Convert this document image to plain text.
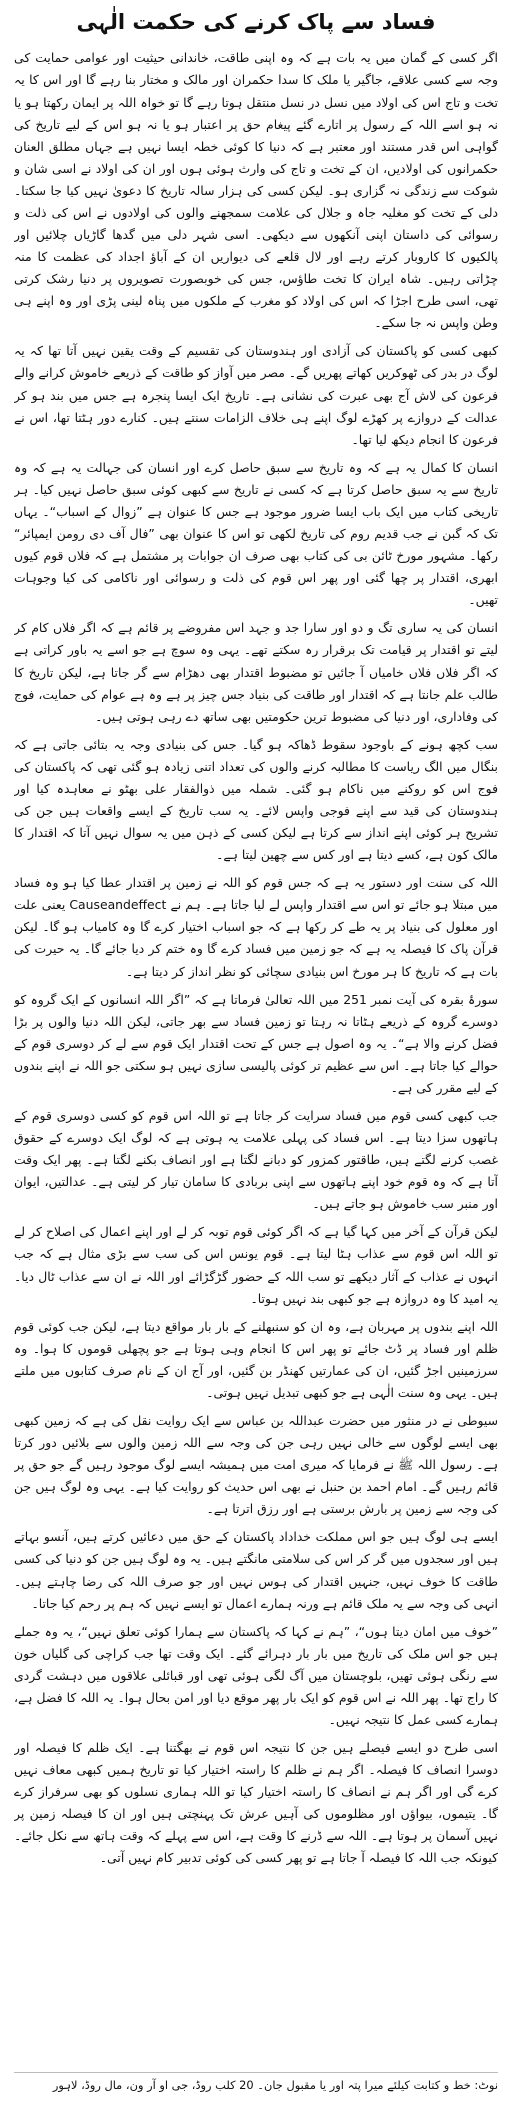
فساد سے پاک کرنے کی حکمت الٰہی

اگر کسی کے گمان میں یہ بات ہے کہ وہ اپنی طاقت، خاندانی حیثیت اور عوامی حمایت کی وجہ سے کسی علاقے، جاگیر یا ملک کا سدا حکمران اور مالک و مختار بنا رہے گا اور اس کا یہ تخت و تاج اس کی اولاد میں نسل در نسل منتقل ہوتا رہے گا تو خواہ اللہ پر ایمان رکھتا ہو یا نہ ہو اسے اللہ کے رسول پر اتارے گئے پیغام حق پر اعتبار ہو یا نہ ہو اس کے لیے تاریخ کی گواہی اس قدر مستند اور معتبر ہے کہ دنیا کا کوئی خطہ ایسا نہیں ہے جہاں مطلق العنان حکمرانوں کی اولادیں، ان کے تخت و تاج کی وارث ہوئی ہوں اور ان کی اولاد نے اسی شان و شوکت سے زندگی نہ گزاری ہو۔ لیکن کسی کی ہزار سالہ تاریخ کا دعویٰ نہیں کیا جا سکتا۔ دلی کے تخت کو مغلیہ جاہ و جلال کی علامت سمجھنے والوں کی اولادوں نے اس کی ذلت و رسوائی کی داستان اپنی آنکھوں سے دیکھی۔ اسی شہر دلی میں گدھا گاڑیاں چلائیں اور پالکیوں کا کاروبار کرتے رہے اور لال قلعے کی دیواریں ان کے آباؤ اجداد کی عظمت کا منہ چڑاتی رہیں۔ شاہ ایران کا تخت طاؤس، جس کی خوبصورت تصویروں پر دنیا رشک کرتی تھی، اسی طرح اجڑا کہ اس کی اولاد کو مغرب کے ملکوں میں پناہ لینی پڑی اور وہ اپنے ہی وطن واپس نہ جا سکے۔

کبھی کسی کو پاکستان کی آزادی اور ہندوستان کی تقسیم کے وقت یقین نہیں آتا تھا کہ یہ لوگ در بدر کی ٹھوکریں کھاتے پھریں گے۔ مصر میں آواز کو طاقت کے ذریعے خاموش کرانے والے فرعون کی لاش آج بھی عبرت کی نشانی ہے۔ تاریخ ایک ایسا پنجرہ ہے جس میں بند ہو کر عدالت کے دروازے پر کھڑے لوگ اپنے ہی خلاف الزامات سنتے ہیں۔ کنارے دور ہٹتا تھا، اس نے فرعون کا انجام دیکھ لیا تھا۔

انسان کا کمال یہ ہے کہ وہ تاریخ سے سبق حاصل کرے اور انسان کی جہالت یہ ہے کہ وہ تاریخ سے یہ سبق حاصل کرتا ہے کہ کسی نے تاریخ سے کبھی کوئی سبق حاصل نہیں کیا۔ ہر تاریخی کتاب میں ایک باب ایسا ضرور موجود ہے جس کا عنوان ہے ”زوال کے اسباب“۔ یہاں تک کہ گبن نے جب قدیم روم کی تاریخ لکھی تو اس کا عنوان بھی ”فال آف دی رومن ایمپائر“ رکھا۔ مشہور مورخ ٹائن بی کی کتاب بھی صرف ان جوابات پر مشتمل ہے کہ فلاں قوم کیوں ابھری، اقتدار پر چھا گئی اور پھر اس قوم کی ذلت و رسوائی اور ناکامی کی کیا وجوہات تھیں۔

انسان کی یہ ساری تگ و دو اور سارا جد و جہد اس مفروضے پر قائم ہے کہ اگر فلاں کام کر لیتے تو اقتدار پر قیامت تک برقرار رہ سکتے تھے۔ یہی وہ سوچ ہے جو اسے یہ باور کراتی ہے کہ اگر فلاں فلاں خامیاں آ جائیں تو مضبوط اقتدار بھی دھڑام سے گر جاتا ہے، لیکن تاریخ کا طالب علم جانتا ہے کہ اقتدار اور طاقت کی بنیاد جس چیز پر ہے وہ ہے عوام کی حمایت، فوج کی وفاداری، اور دنیا کی مضبوط ترین حکومتیں بھی ساتھ دے رہی ہوتی ہیں۔

سب کچھ ہونے کے باوجود سقوط ڈھاکہ ہو گیا۔ جس کی بنیادی وجہ یہ بتائی جاتی ہے کہ بنگال میں الگ ریاست کا مطالبہ کرنے والوں کی تعداد اتنی زیادہ ہو گئی تھی کہ پاکستان کی فوج اس کو روکنے میں ناکام ہو گئی۔ شملہ میں ذوالفقار علی بھٹو نے معاہدہ کیا اور ہندوستان کی قید سے اپنے فوجی واپس لائے۔ یہ سب تاریخ کے ایسے واقعات ہیں جن کی تشریح ہر کوئی اپنے انداز سے کرتا ہے لیکن کسی کے ذہن میں یہ سوال نہیں آتا کہ اقتدار کا مالک کون ہے، کسے دیتا ہے اور کس سے چھین لیتا ہے۔

اللہ کی سنت اور دستور یہ ہے کہ جس قوم کو اللہ نے زمین پر اقتدار عطا کیا ہو وہ فساد میں مبتلا ہو جائے تو اس سے اقتدار واپس لے لیا جاتا ہے۔ ہم نے Causeandeffect یعنی علت اور معلول کی بنیاد پر یہ طے کر رکھا ہے کہ جو اسباب اختیار کرے گا وہ کامیاب ہو گا۔ لیکن قرآن پاک کا فیصلہ یہ ہے کہ جو زمین میں فساد کرے گا وہ ختم کر دیا جائے گا۔ یہ حیرت کی بات ہے کہ تاریخ کا ہر مورخ اس بنیادی سچائی کو نظر انداز کر دیتا ہے۔

سورۂ بقرہ کی آیت نمبر 251 میں اللہ تعالیٰ فرماتا ہے کہ ”اگر اللہ انسانوں کے ایک گروہ کو دوسرے گروہ کے ذریعے ہٹاتا نہ رہتا تو زمین فساد سے بھر جاتی، لیکن اللہ دنیا والوں پر بڑا فضل کرنے والا ہے“۔ یہ وہ اصول ہے جس کے تحت اقتدار ایک قوم سے لے کر دوسری قوم کے حوالے کیا جاتا ہے۔ اس سے عظیم تر کوئی پالیسی سازی نہیں ہو سکتی جو اللہ نے اپنے بندوں کے لیے مقرر کی ہے۔

جب کبھی کسی قوم میں فساد سرایت کر جاتا ہے تو اللہ اس قوم کو کسی دوسری قوم کے ہاتھوں سزا دیتا ہے۔ اس فساد کی پہلی علامت یہ ہوتی ہے کہ لوگ ایک دوسرے کے حقوق غصب کرنے لگتے ہیں، طاقتور کمزور کو دبانے لگتا ہے اور انصاف بکنے لگتا ہے۔ پھر ایک وقت آتا ہے کہ وہ قوم خود اپنے ہاتھوں سے اپنی بربادی کا سامان تیار کر لیتی ہے۔ عدالتیں، ایوان اور منبر سب خاموش ہو جاتے ہیں۔

لیکن قرآن کے آخر میں کہا گیا ہے کہ اگر کوئی قوم توبہ کر لے اور اپنے اعمال کی اصلاح کر لے تو اللہ اس قوم سے عذاب ہٹا لیتا ہے۔ قوم یونس اس کی سب سے بڑی مثال ہے کہ جب انہوں نے عذاب کے آثار دیکھے تو سب اللہ کے حضور گڑگڑائے اور اللہ نے ان سے عذاب ٹال دیا۔ یہ امید کا وہ دروازہ ہے جو کبھی بند نہیں ہوتا۔

اللہ اپنے بندوں پر مہربان ہے، وہ ان کو سنبھلنے کے بار بار مواقع دیتا ہے، لیکن جب کوئی قوم ظلم اور فساد پر ڈٹ جائے تو پھر اس کا انجام وہی ہوتا ہے جو پچھلی قوموں کا ہوا۔ وہ سرزمینیں اجڑ گئیں، ان کی عمارتیں کھنڈر بن گئیں، اور آج ان کے نام صرف کتابوں میں ملتے ہیں۔ یہی وہ سنت الٰہی ہے جو کبھی تبدیل نہیں ہوتی۔

سیوطی نے در منثور میں حضرت عبداللہ بن عباس سے ایک روایت نقل کی ہے کہ زمین کبھی بھی ایسے لوگوں سے خالی نہیں رہی جن کی وجہ سے اللہ زمین والوں سے بلائیں دور کرتا ہے۔ رسول اللہ ﷺ نے فرمایا کہ میری امت میں ہمیشہ ایسے لوگ موجود رہیں گے جو حق پر قائم رہیں گے۔ امام احمد بن حنبل نے بھی اس حدیث کو روایت کیا ہے۔ یہی وہ لوگ ہیں جن کی وجہ سے زمین پر بارش برستی ہے اور رزق اترتا ہے۔

ایسے ہی لوگ ہیں جو اس مملکت خداداد پاکستان کے حق میں دعائیں کرتے ہیں، آنسو بہاتے ہیں اور سجدوں میں گر کر اس کی سلامتی مانگتے ہیں۔ یہ وہ لوگ ہیں جن کو دنیا کی کسی طاقت کا خوف نہیں، جنہیں اقتدار کی ہوس نہیں اور جو صرف اللہ کی رضا چاہتے ہیں۔ انہی کی وجہ سے یہ ملک قائم ہے ورنہ ہمارے اعمال تو ایسے نہیں کہ ہم پر رحم کیا جاتا۔

”خوف میں امان دیتا ہوں“، ”ہم نے کہا کہ پاکستان سے ہمارا کوئی تعلق نہیں“، یہ وہ جملے ہیں جو اس ملک کی تاریخ میں بار بار دہرائے گئے۔ ایک وقت تھا جب کراچی کی گلیاں خون سے رنگی ہوئی تھیں، بلوچستان میں آگ لگی ہوئی تھی اور قبائلی علاقوں میں دہشت گردی کا راج تھا۔ پھر اللہ نے اس قوم کو ایک بار پھر موقع دیا اور امن بحال ہوا۔ یہ اللہ کا فضل ہے، ہمارے کسی عمل کا نتیجہ نہیں۔

اسی طرح دو ایسے فیصلے ہیں جن کا نتیجہ اس قوم نے بھگتنا ہے۔ ایک ظلم کا فیصلہ اور دوسرا انصاف کا فیصلہ۔ اگر ہم نے ظلم کا راستہ اختیار کیا تو تاریخ ہمیں کبھی معاف نہیں کرے گی اور اگر ہم نے انصاف کا راستہ اختیار کیا تو اللہ ہماری نسلوں کو بھی سرفراز کرے گا۔ یتیموں، بیواؤں اور مظلوموں کی آہیں عرش تک پہنچتی ہیں اور ان کا فیصلہ زمین پر نہیں آسمان پر ہوتا ہے۔ اللہ سے ڈرنے کا وقت ہے، اس سے پہلے کہ وقت ہاتھ سے نکل جائے۔ کیونکہ جب اللہ کا فیصلہ آ جاتا ہے تو پھر کسی کی کوئی تدبیر کام نہیں آتی۔

نوٹ: خط و کتابت کیلئے میرا پتہ اور یا مقبول جان۔ 20 کلب روڈ، جی او آر ون، مال روڈ، لاہور
